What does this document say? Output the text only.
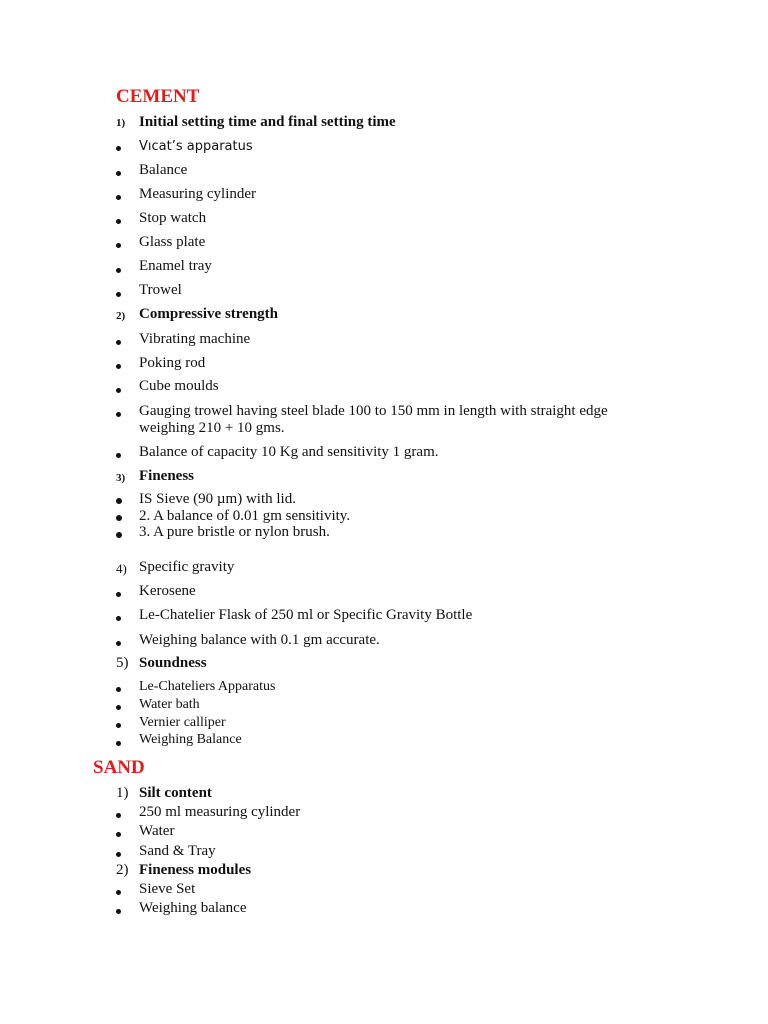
CEMENT
1) Initial setting time and final setting time
Vıcat’s apparatus
Balance
Measuring cylinder
Stop watch
Glass plate
Enamel tray
Trowel
2) Compressive strength
Vibrating machine
Poking rod
Cube moulds
Gauging trowel having steel blade 100 to 150 mm in length with straight edge
weighing 210 + 10 gms.
Balance of capacity 10 Kg and sensitivity 1 gram.
3) Fineness
IS Sieve (90 µm) with lid.
2. A balance of 0.01 gm sensitivity.
3. A pure bristle or nylon brush.
4) Specific gravity
Kerosene
Le-Chatelier Flask of 250 ml or Specific Gravity Bottle
Weighing balance with 0.1 gm accurate.
5) Soundness
Le-Chateliers Apparatus
Water bath
Vernier calliper
Weighing Balance
SAND
1) Silt content
250 ml measuring cylinder
Water
Sand & Tray
2) Fineness modules
Sieve Set
Weighing balance
